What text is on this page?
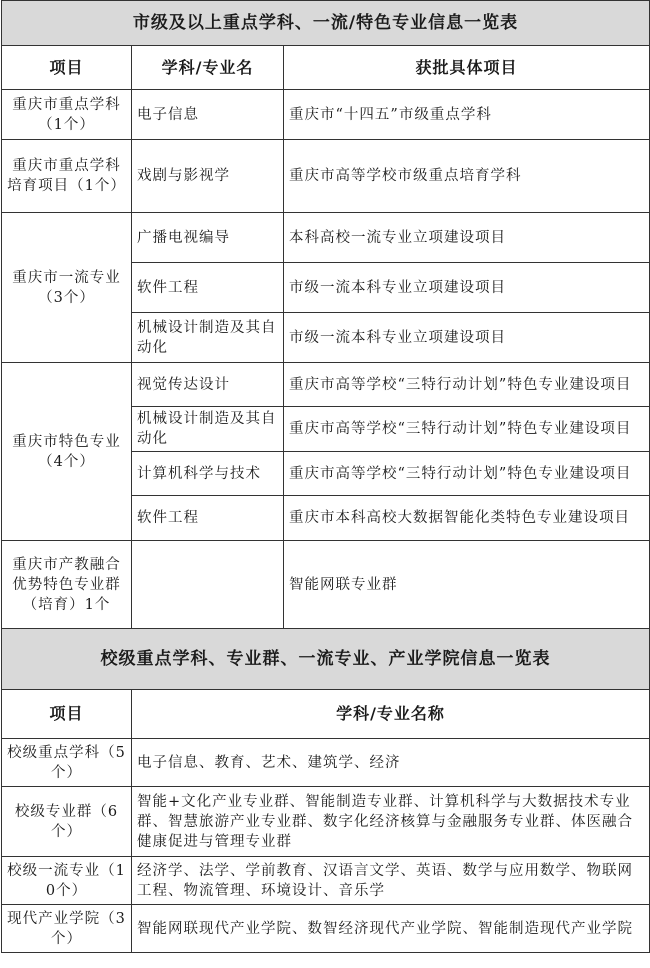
市级及以上重点学科、一流/特色专业信息一览表		
项目	学科/专业名	获批具体项目
重庆市重点学科（1个）	电子信息	重庆市“十四五”市级重点学科
重庆市重点学科培育项目（1个）	戏剧与影视学	重庆市高等学校市级重点培育学科
重庆市一流专业（3个）	广播电视编导	本科高校一流专业立项建设项目
	软件工程	市级一流本科专业立项建设项目
	机械设计制造及其自动化	市级一流本科专业立项建设项目
重庆市特色专业（4个）	视觉传达设计	重庆市高等学校“三特行动计划”特色专业建设项目
	机械设计制造及其自动化	重庆市高等学校“三特行动计划”特色专业建设项目
	计算机科学与技术	重庆市高等学校“三特行动计划”特色专业建设项目
	软件工程	重庆市本科高校大数据智能化类特色专业建设项目
重庆市产教融合优势特色专业群（培育）1个		智能网联专业群
校级重点学科、专业群、一流专业、产业学院信息一览表	
项目	学科/专业名称
校级重点学科（5个）	电子信息、教育、艺术、建筑学、经济
校级专业群（6个）	智能+文化产业专业群、智能制造专业群、计算机科学与大数据技术专业群、智慧旅游产业专业群、数字化经济核算与金融服务专业群、体医融合健康促进与管理专业群
校级一流专业（10个）	经济学、法学、学前教育、汉语言文学、英语、数学与应用数学、物联网工程、物流管理、环境设计、音乐学
现代产业学院（3个）	智能网联现代产业学院、数智经济现代产业学院、智能制造现代产业学院
